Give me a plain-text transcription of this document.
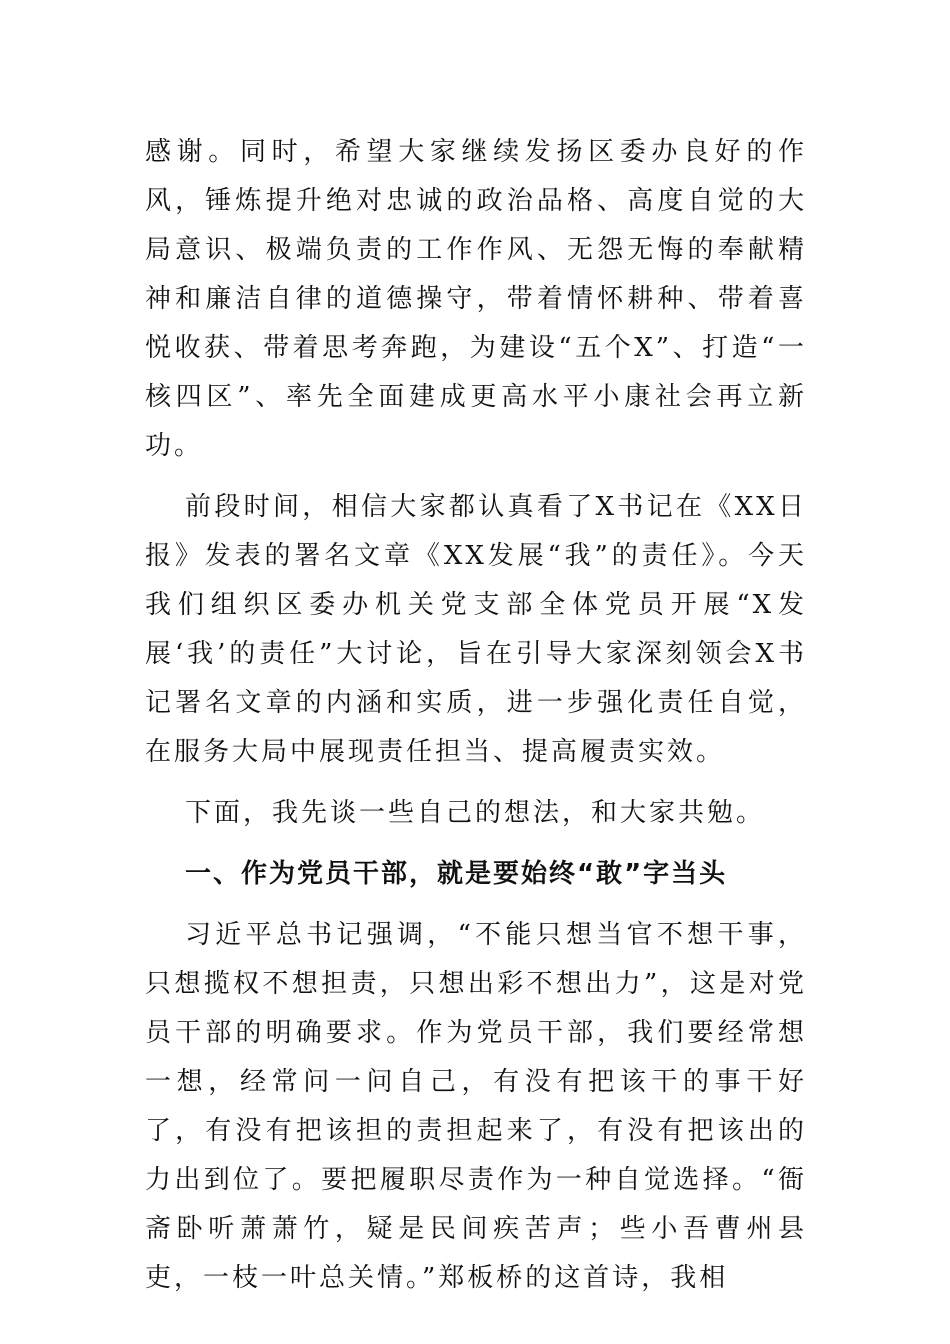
感谢。同时，希望大家继续发扬区委办良好的作风，锤炼提升绝对忠诚的政治品格、高度自觉的大局意识、极端负责的工作作风、无怨无悔的奉献精神和廉洁自律的道德操守，带着情怀耕种、带着喜悦收获、带着思考奔跑，为建设“五个X”、打造“一核四区”、率先全面建成更高水平小康社会再立新功。

前段时间，相信大家都认真看了X书记在《XX日报》发表的署名文章《XX发展“我”的责任》。今天我们组织区委办机关党支部全体党员开展“X发展‘我’的责任”大讨论，旨在引导大家深刻领会X书记署名文章的内涵和实质，进一步强化责任自觉，在服务大局中展现责任担当、提高履责实效。

下面，我先谈一些自己的想法，和大家共勉。

一、作为党员干部，就是要始终“敢”字当头

习近平总书记强调，“不能只想当官不想干事，只想揽权不想担责，只想出彩不想出力”，这是对党员干部的明确要求。作为党员干部，我们要经常想一想，经常问一问自己，有没有把该干的事干好了，有没有把该担的责担起来了，有没有把该出的力出到位了。要把履职尽责作为一种自觉选择。“衙斋卧听萧萧竹，疑是民间疾苦声；些小吾曹州县吏，一枝一叶总关情。”郑板桥的这首诗，我相
